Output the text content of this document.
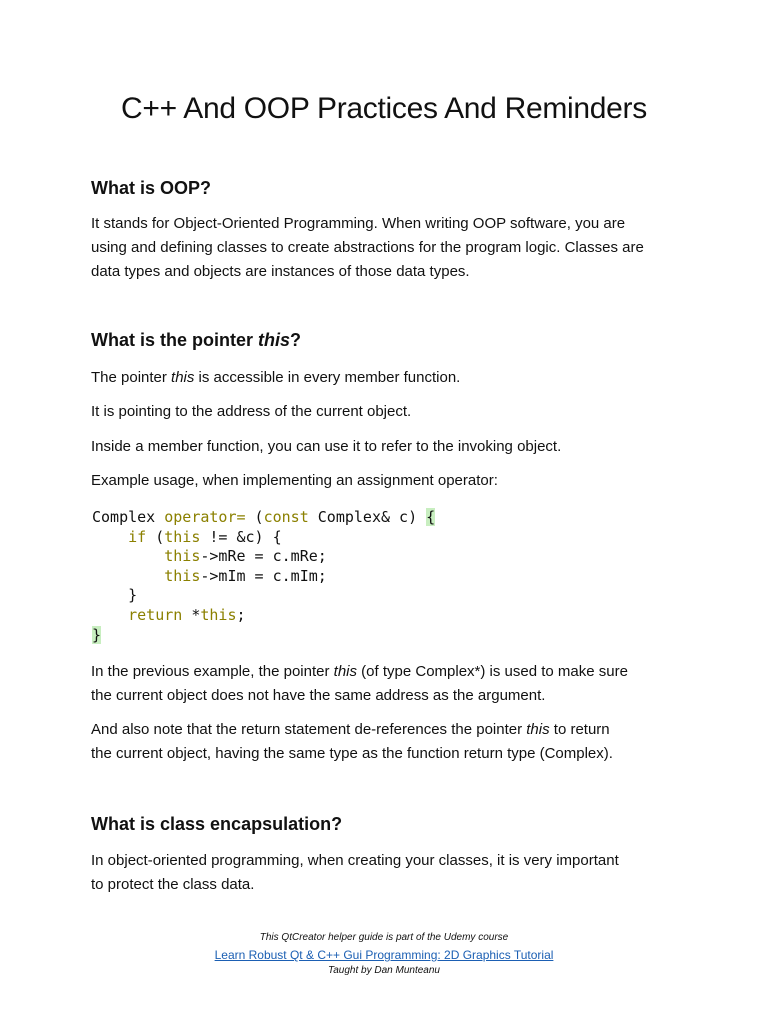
C++ And OOP Practices And Reminders
What is OOP?
It stands for Object-Oriented Programming. When writing OOP software, you are
using and defining classes to create abstractions for the program logic. Classes are
data types and objects are instances of those data types.
What is the pointer this?
The pointer this is accessible in every member function.
It is pointing to the address of the current object.
Inside a member function, you can use it to refer to the invoking object.
Example usage, when implementing an assignment operator:
Complex operator= (const Complex& c) {
if (this != &c) {
this->mRe = c.mRe;
this->mIm = c.mIm;
}
return *this;
}
In the previous example, the pointer this (of type Complex*) is used to make sure
the current object does not have the same address as the argument.
And also note that the return statement de-references the pointer this to return
the current object, having the same type as the function return type (Complex).
What is class encapsulation?
In object-oriented programming, when creating your classes, it is very important
to protect the class data.
This QtCreator helper guide is part of the Udemy course
Learn Robust Qt & C++ Gui Programming: 2D Graphics Tutorial
Taught by Dan Munteanu
